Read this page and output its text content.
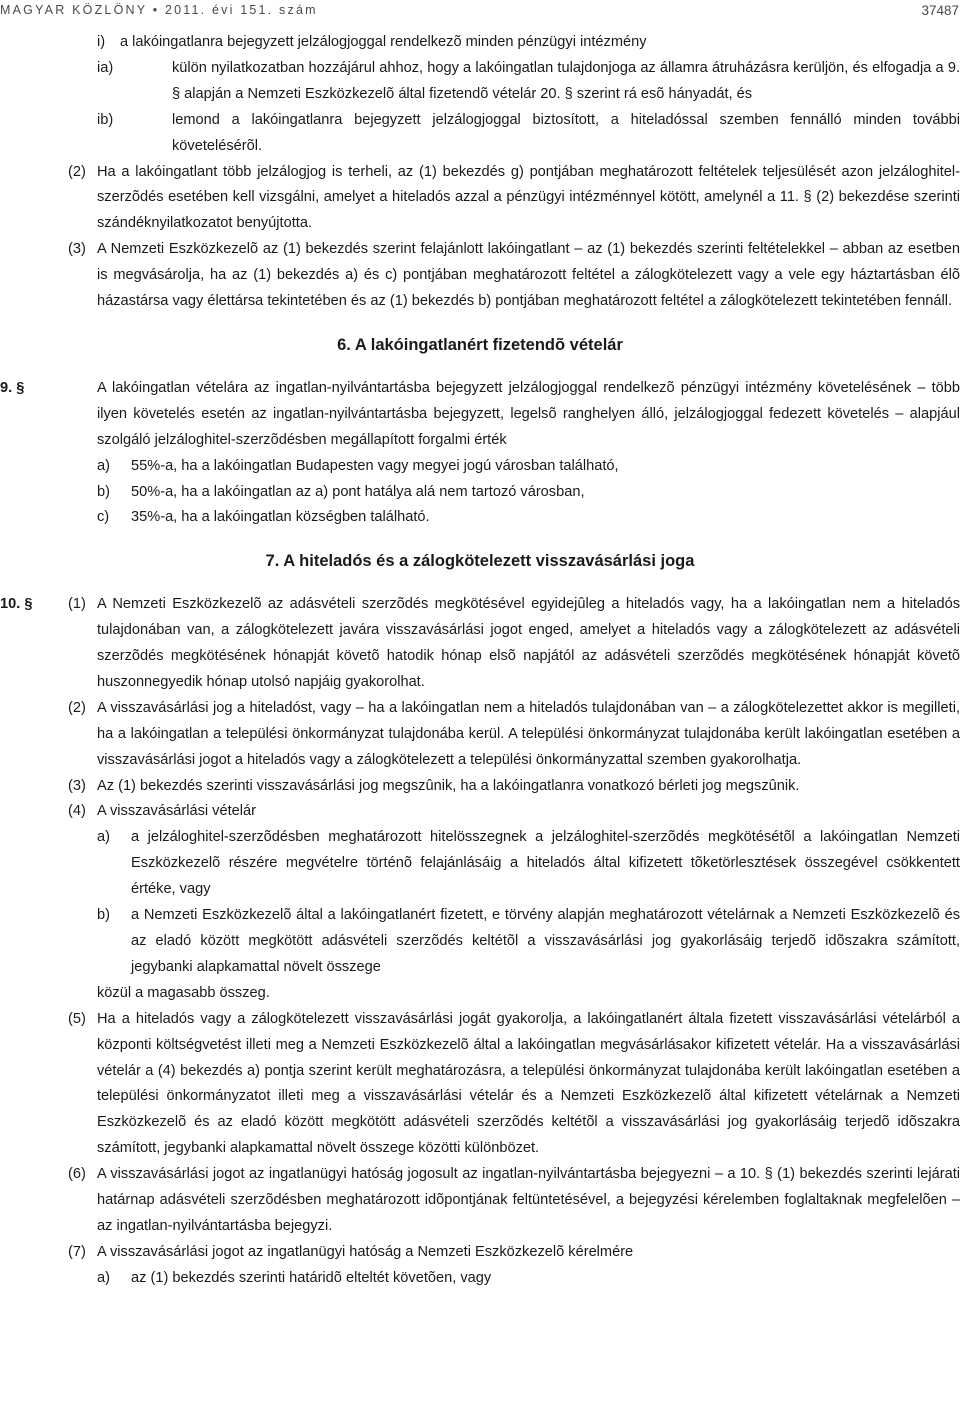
MAGYAR KÖZLÖNY • 2011. évi 151. szám	37487
i) a lakóingatlanra bejegyzett jelzálogjoggal rendelkezõ minden pénzügyi intézmény
ia)	külön nyilatkozatban hozzájárul ahhoz, hogy a lakóingatlan tulajdonjoga az államra átruházásra kerüljön, és elfogadja a 9. § alapján a Nemzeti Eszközkezelõ által fizetendõ vételár 20. § szerint rá esõ hányadát, és
ib)	lemond a lakóingatlanra bejegyzett jelzálogjoggal biztosított, a hiteladóssal szemben fennálló minden további követelésérõl.
(2) Ha a lakóingatlant több jelzálogjog is terheli, az (1) bekezdés g) pontjában meghatározott feltételek teljesülését azon jelzáloghitel-szerzõdés esetében kell vizsgálni, amelyet a hiteladós azzal a pénzügyi intézménnyel kötött, amelynél a 11. § (2) bekezdése szerinti szándéknyilatkozatot benyújtotta.
(3) A Nemzeti Eszközkezelõ az (1) bekezdés szerint felajánlott lakóingatlant – az (1) bekezdés szerinti feltételekkel – abban az esetben is megvásárolja, ha az (1) bekezdés a) és c) pontjában meghatározott feltétel a zálogkötelezett vagy a vele egy háztartásban élõ házastársa vagy élettársa tekintetében és az (1) bekezdés b) pontjában meghatározott feltétel a zálogkötelezett tekintetében fennáll.
6. A lakóingatlanért fizetendõ vételár
9. §	A lakóingatlan vételára az ingatlan-nyilvántartásba bejegyzett jelzálogjoggal rendelkezõ pénzügyi intézmény követelésének – több ilyen követelés esetén az ingatlan-nyilvántartásba bejegyzett, legelsõ ranghelyen álló, jelzálogjoggal fedezett követelés – alapjául szolgáló jelzáloghitel-szerzõdésben megállapított forgalmi érték
a) 55%-a, ha a lakóingatlan Budapesten vagy megyei jogú városban található,
b) 50%-a, ha a lakóingatlan az a) pont hatálya alá nem tartozó városban,
c) 35%-a, ha a lakóingatlan községben található.
7. A hiteladós és a zálogkötelezett visszavásárlási joga
10. § (1) A Nemzeti Eszközkezelõ az adásvételi szerzõdés megkötésével egyidejûleg a hiteladós vagy, ha a lakóingatlan nem a hiteladós tulajdonában van, a zálogkötelezett javára visszavásárlási jogot enged, amelyet a hiteladós vagy a zálogkötelezett az adásvételi szerzõdés megkötésének hónapját követõ hatodik hónap elsõ napjától az adásvételi szerzõdés megkötésének hónapját követõ huszonnegyedik hónap utolsó napjáig gyakorolhat.
(2) A visszavásárlási jog a hiteladóst, vagy – ha a lakóingatlan nem a hiteladós tulajdonában van – a zálogkötelezettet akkor is megilleti, ha a lakóingatlan a települési önkormányzat tulajdonába kerül. A települési önkormányzat tulajdonába került lakóingatlan esetében a visszavásárlási jogot a hiteladós vagy a zálogkötelezett a települési önkormányzattal szemben gyakorolhatja.
(3) Az (1) bekezdés szerinti visszavásárlási jog megszûnik, ha a lakóingatlanra vonatkozó bérleti jog megszûnik.
(4) A visszavásárlási vételár
a) a jelzáloghitel-szerzõdésben meghatározott hitelösszegnek a jelzáloghitel-szerzõdés megkötésétõl a lakóingatlan Nemzeti Eszközkezelõ részére megvételre történõ felajánlásáig a hiteladós által kifizetett tõketörlesztések összegével csökkentett értéke, vagy
b) a Nemzeti Eszközkezelõ által a lakóingatlanért fizetett, e törvény alapján meghatározott vételárnak a Nemzeti Eszközkezelõ és az eladó között megkötött adásvételi szerzõdés keltétõl a visszavásárlási jog gyakorlásáig terjedõ idõszakra számított, jegybanki alapkamattal növelt összege
közül a magasabb összeg.
(5) Ha a hiteladós vagy a zálogkötelezett visszavásárlási jogát gyakorolja, a lakóingatlanért általa fizetett visszavásárlási vételárból a központi költségvetést illeti meg a Nemzeti Eszközkezelõ által a lakóingatlan megvásárlásakor kifizetett vételár. Ha a visszavásárlási vételár a (4) bekezdés a) pontja szerint került meghatározásra, a települési önkormányzat tulajdonába került lakóingatlan esetében a települési önkormányzatot illeti meg a visszavásárlási vételár és a Nemzeti Eszközkezelõ által kifizetett vételárnak a Nemzeti Eszközkezelõ és az eladó között megkötött adásvételi szerzõdés keltétõl a visszavásárlási jog gyakorlásáig terjedõ idõszakra számított, jegybanki alapkamattal növelt összege közötti különbözet.
(6) A visszavásárlási jogot az ingatlanügyi hatóság jogosult az ingatlan-nyilvántartásba bejegyezni – a 10. § (1) bekezdés szerinti lejárati határnap adásvételi szerzõdésben meghatározott idõpontjának feltüntetésével, a bejegyzési kérelemben foglaltaknak megfelelõen – az ingatlan-nyilvántartásba bejegyzi.
(7) A visszavásárlási jogot az ingatlanügyi hatóság a Nemzeti Eszközkezelõ kérelmére
a) az (1) bekezdés szerinti határidõ elteltét követõen, vagy
